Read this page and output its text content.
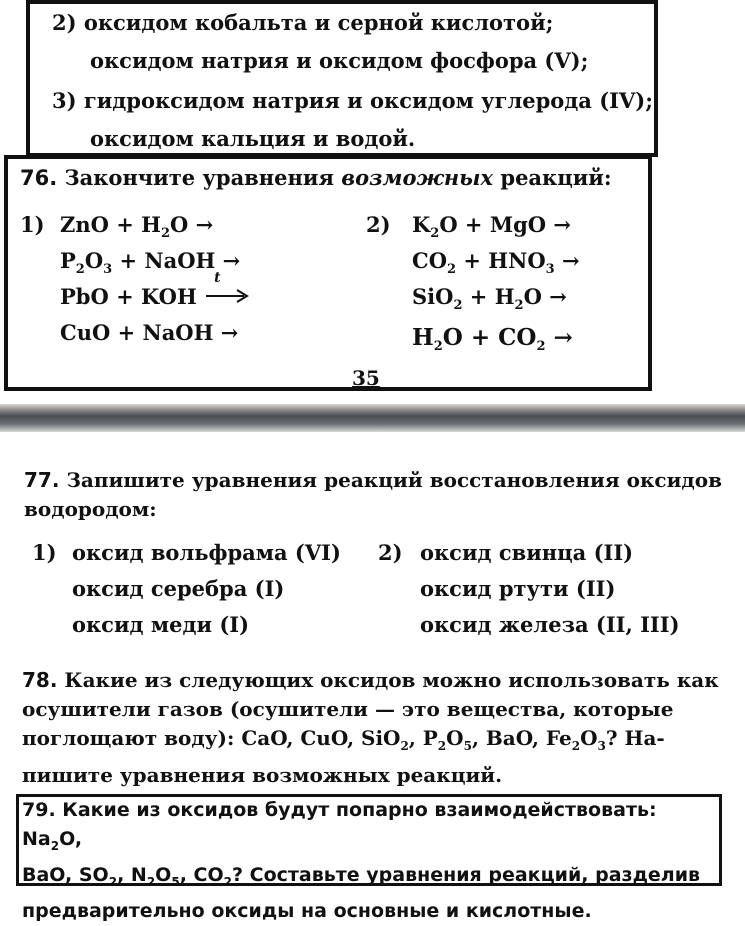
2) оксидом кобальта и серной кислотой;
оксидом натрия и оксидом фосфора (V);
3) гидроксидом натрия и оксидом углерода (IV);
оксидом кальция и водой.
76. Закончите уравнения возможных реакций:
1)	2)
ZnO + $H_2O$ →
$P_2O_3$ + NaOH →
PbO + KOH
t
CuO + NaOH →
$K_2O$ + MgO →
$CO_2 + HNO_3$ →
$SiO_2 + H_2O$ →
$H_2O + CO_2$ →
35
77. Запишите уравнения реакций восстановления оксидов водородом:
1) оксид вольфрама (VI)
оксид серебра (I)
оксид меди (I)
2) оксид свинца (II)
оксид ртути (II)
оксид железа (II, III)
78. Какие из следующих оксидов можно использовать как
осушители газов (осушители — это вещества, которые
поглощают воду): CaO, CuO, SiO$_2$, $P_2O_5$, BaO, $Fe_2O_3$? На-
пишите уравнения возможных реакций.
79. Какие из оксидов будут попарно взаимодействовать: $Na_2O$,
BaO, $SO_2$, $N_2O_5$, $CO_2$? Составьте уравнения реакций, разделив
предварительно оксиды на основные и кислотные.
